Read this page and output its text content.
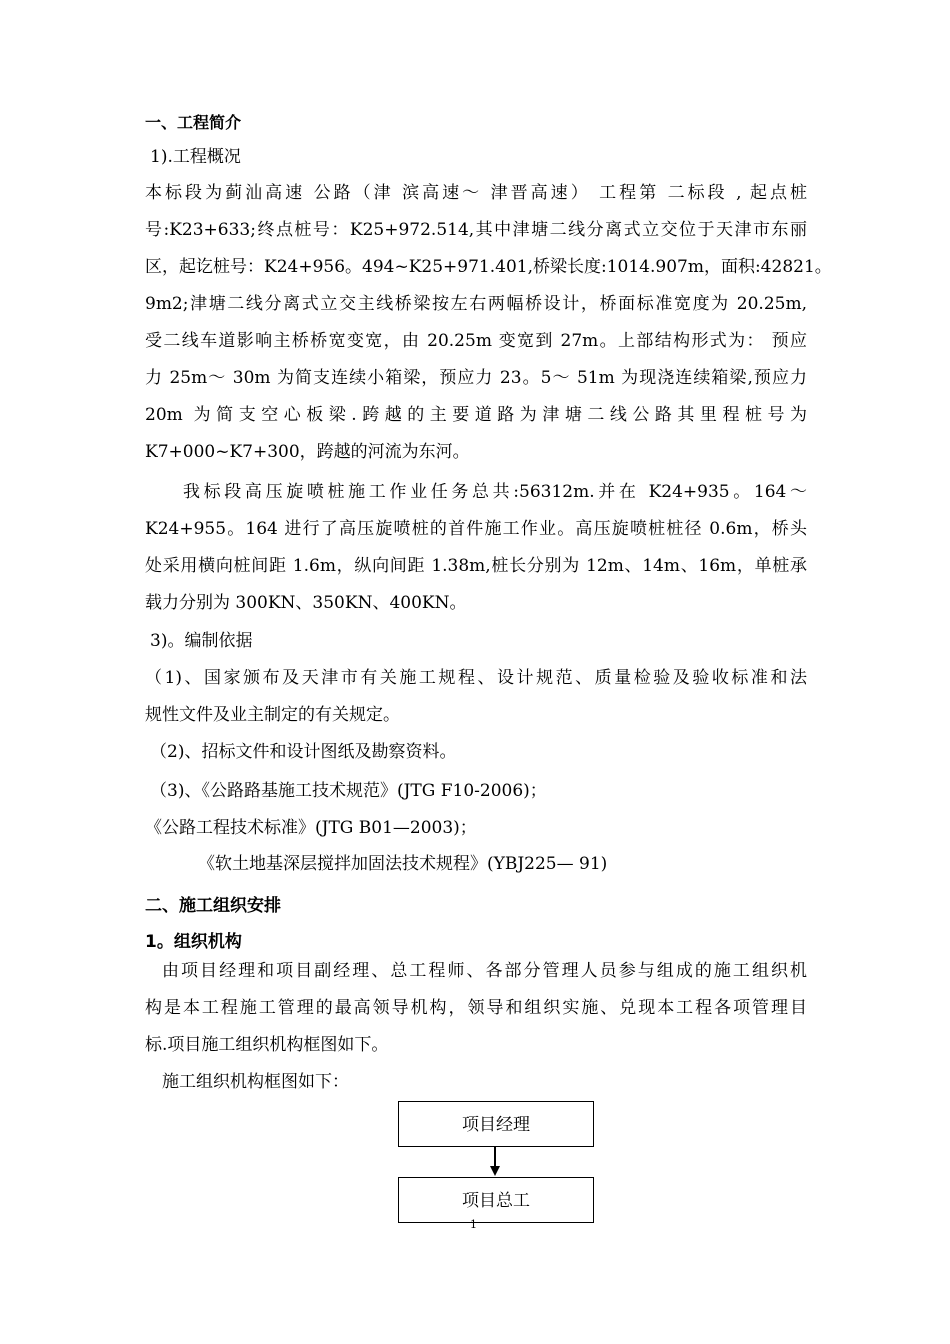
一、工程简介
1).工程概况
本标段为蓟汕高速 公路（津 滨高速～ 津晋高速） 工程第 二标段 , 起点桩
号:K23+633;终点桩号：K25+972.514,其中津塘二线分离式立交位于天津市东丽
区，起讫桩号：K24+956。494~K25+971.401,桥梁长度:1014.907m，面积:42821。
9m2;津塘二线分离式立交主线桥梁按左右两幅桥设计，桥面标准宽度为 20.25m,
受二线车道影响主桥桥宽变宽，由 20.25m 变宽到 27m。上部结构形式为： 预应
力 25m～ 30m 为简支连续小箱梁，预应力 23。5～ 51m 为现浇连续箱梁,预应力
20m 为简支空心板梁.跨越的主要道路为津塘二线公路其里程桩号为
K7+000~K7+300，跨越的河流为东河。
我标段高压旋喷桩施工作业任务总共:56312m.并在 K24+935。164～
K24+955。164 进行了高压旋喷桩的首件施工作业。高压旋喷桩桩径 0.6m，桥头
处采用横向桩间距 1.6m，纵向间距 1.38m,桩长分别为 12m、14m、16m，单桩承
载力分别为 300KN、350KN、400KN。
3)。编制依据
（1)、国家颁布及天津市有关施工规程、设计规范、质量检验及验收标准和法
规性文件及业主制定的有关规定。
（2)、招标文件和设计图纸及勘察资料。
（3)、《公路路基施工技术规范》(JTG F10-2006)；
《公路工程技术标准》(JTG B01—2003)；
《软土地基深层搅拌加固法技术规程》(YBJ225— 91)
二、施工组织安排
1。组织机构
由项目经理和项目副经理、总工程师、各部分管理人员参与组成的施工组织机
构是本工程施工管理的最高领导机构，领导和组织实施、兑现本工程各项管理目
标.项目施工组织机构框图如下。
施工组织机构框图如下：
项目经理
项目总工
1
